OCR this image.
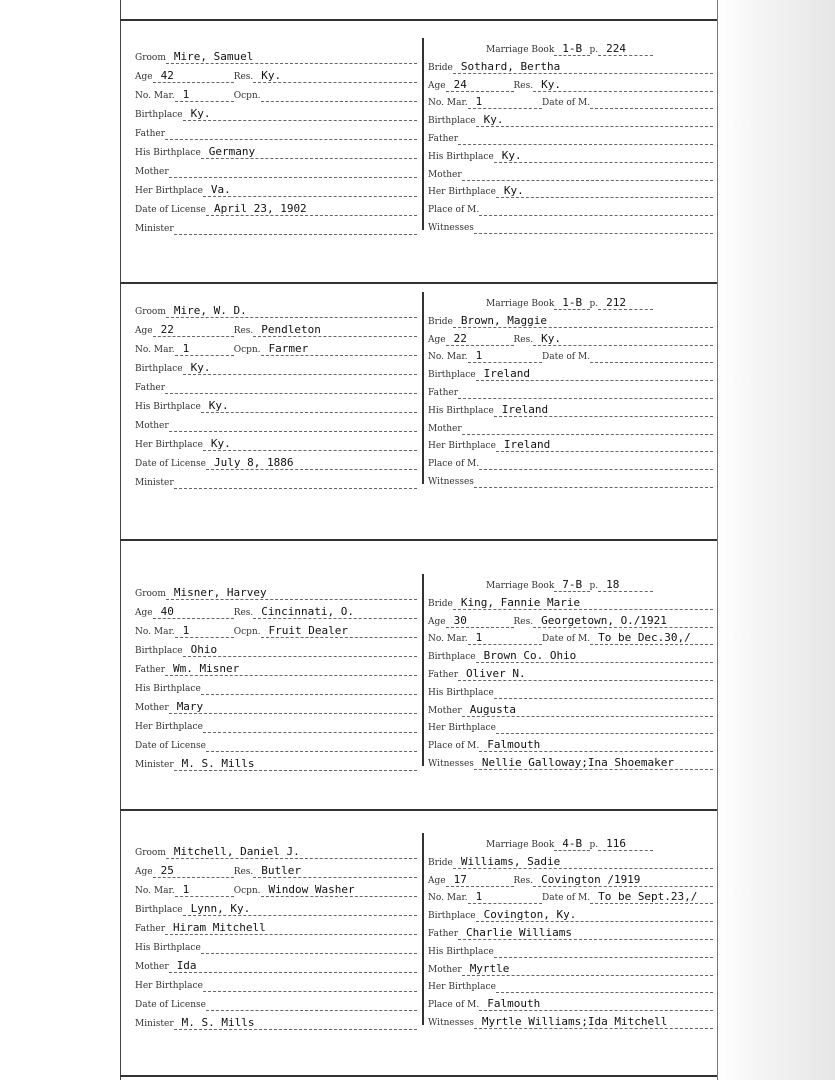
Groom Mire, Samuel
Age 42	Res. Ky.
No. Mar. 1	Ocpn.
Birthplace Ky.
Father
His Birthplace Germany
Mother
Her Birthplace Va.
Date of License April 23, 1902
Minister
Marriage Book 1-B p. 224
Bride Sothard, Bertha
Age 24	Res. Ky.
No. Mar. 1	Date of M.
Birthplace Ky.
Father
His Birthplace Ky.
Mother
Her Birthplace Ky.
Place of M.
Witnesses
Groom Mire, W. D.
Age 22	Res. Pendleton
No. Mar. 1	Ocpn. Farmer
Birthplace Ky.
Father
His Birthplace Ky.
Mother
Her Birthplace Ky.
Date of License July 8, 1886
Minister
Marriage Book 1-B p. 212
Bride Brown, Maggie
Age 22	Res. Ky.
No. Mar. 1	Date of M.
Birthplace Ireland
Father
His Birthplace Ireland
Mother
Her Birthplace Ireland
Place of M.
Witnesses
Groom Misner, Harvey
Age 40	Res. Cincinnati, O.
No. Mar. 1	Ocpn. Fruit Dealer
Birthplace Ohio
Father Wm. Misner
His Birthplace
Mother Mary
Her Birthplace
Date of License
Minister M. S. Mills
Marriage Book 7-B p. 18
Bride King, Fannie Marie
Age 30	Res. Georgetown, O./1921
No. Mar. 1	Date of M. To be Dec.30,/
Birthplace Brown Co. Ohio
Father Oliver N.
His Birthplace
Mother Augusta
Her Birthplace
Place of M. Falmouth
Witnesses Nellie Galloway;Ina Shoemaker
Groom Mitchell, Daniel J.
Age 25	Res. Butler
No. Mar. 1	Ocpn. Window Washer
Birthplace Lynn, Ky.
Father Hiram Mitchell
His Birthplace
Mother Ida
Her Birthplace
Date of License
Minister M. S. Mills
Marriage Book 4-B p. 116
Bride Williams, Sadie
Age 17	Res. Covington /1919
No. Mar. 1	Date of M. To be Sept.23,/
Birthplace Covington, Ky.
Father Charlie Williams
His Birthplace
Mother Myrtle
Her Birthplace
Place of M. Falmouth
Witnesses Myrtle Williams;Ida Mitchell
